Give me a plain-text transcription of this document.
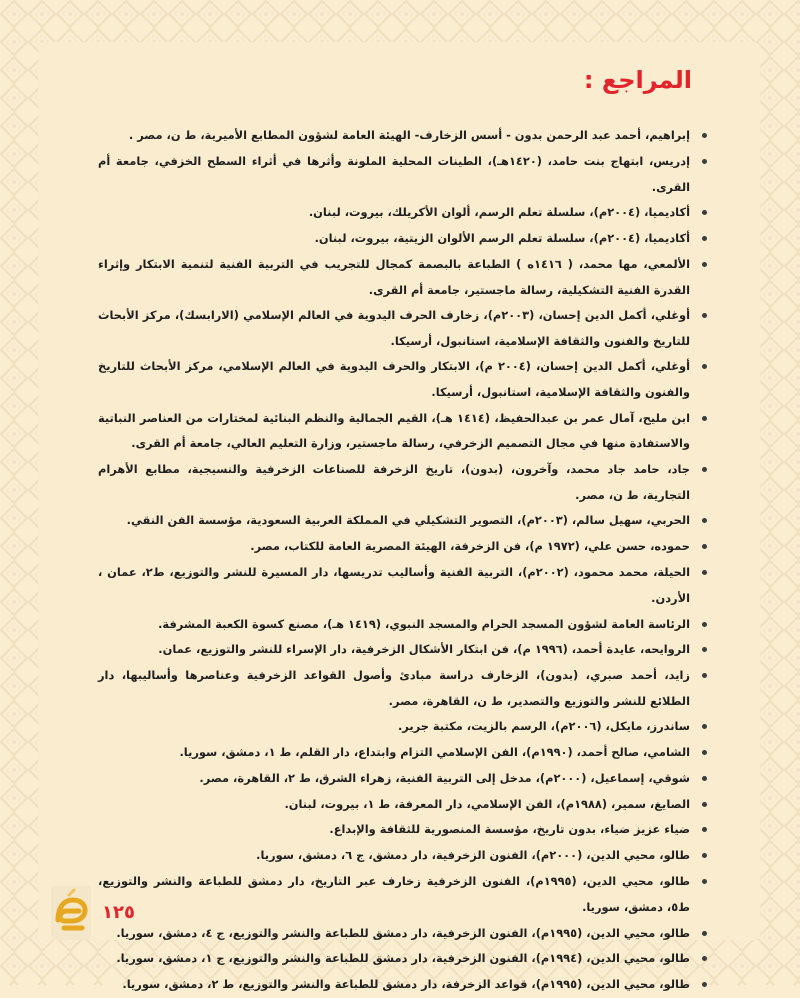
المراجع :
إبراهيم، أحمد عبد الرحمن بدون - أسس الزخارف- الهيئة العامة لشؤون المطابع الأميرية، ط ن، مصر .
إدريس، ابتهاج بنت حامد، (١٤٢٠هـ)، الطينات المحلية الملونة وأثرها في أثراء السطح الخزفي، جامعة أم القرى.
أكاديميا، (٢٠٠٤م)، سلسلة تعلم الرسم، ألوان الأكريلك، بيروت، لبنان.
أكاديميا، (٢٠٠٤م)، سلسلة تعلم الرسم الألوان الزيتية، بيروت، لبنان.
الألمعي، مها محمد، ( ١٤١٦ه ) الطباعة بالبصمة كمجال للتجريب في التربية الفنية لتنمية الابتكار وإثراء القدرة الفنية التشكيلية، رسالة ماجستير، جامعة أم القرى.
أوغلي، أكمل الدين إحسان، (٢٠٠٣م)، زخارف الحرف اليدوية في العالم الإسلامي (الارابسك)، مركز الأبحاث للتاريخ والفنون والثقافة الإسلامية، استانبول، أرسيكا.
أوغلي، أكمل الدين إحسان، (٢٠٠٤ م)، الابتكار والحرف اليدوية في العالم الإسلامي، مركز الأبحاث للتاريخ والفنون والثقافة الإسلامية، استانبول، أرسيكا.
ابن مليح، آمال عمر بن عبدالحفيظ، (١٤١٤ هـ)، القيم الجمالية والنظم البنائية لمختارات من العناصر النباتية والاستفادة منها في مجال التصميم الزخرفي، رسالة ماجستير، وزارة التعليم العالي، جامعة أم القرى.
جاد، حامد جاد محمد، وآخرون، (بدون)، تاريخ الزخرفة للصناعات الزخرفية والنسيجية، مطابع الأهرام التجارية، ط ن، مصر.
الحربي، سهيل سالم، (٢٠٠٣م)، التصوير التشكيلي في المملكة العربية السعودية، مؤسسة الفن النقي.
حموده، حسن علي، (١٩٧٢ م)، فن الزخرفة، الهيئة المصرية العامة للكتاب، مصر.
الحيلة، محمد محمود، (٢٠٠٢م)، التربية الفنية وأساليب تدريسها، دار المسيرة للنشر والتوزيع، ط٢، عمان ، الأردن.
الرئاسة العامة لشؤون المسجد الحرام والمسجد النبوي، (١٤١٩ هـ)، مصنع كسوة الكعبة المشرفة.
الروايحه، عايدة أحمد، (١٩٩٦ م)، فن ابتكار الأشكال الزخرفية، دار الإسراء للنشر والتوزيع، عمان.
زايد، أحمد صبري، (بدون)، الزخارف دراسة مبادئ وأصول القواعد الزخرفية وعناصرها وأساليبها، دار الطلائع للنشر والتوزيع والتصدير، ط ن، القاهرة، مصر.
ساندرز، مايكل، (٢٠٠٦م)، الرسم بالزيت، مكتبة جرير.
الشامي، صالح أحمد، (١٩٩٠م)، الفن الإسلامي التزام وابتداع، دار القلم، ط ١، دمشق، سوريا.
شوقي، إسماعيل، (٢٠٠٠م)، مدخل إلى التربية الفنية، زهراء الشرق، ط ٢، القاهرة، مصر.
الصايغ، سمير، (١٩٨٨م)، الفن الإسلامي، دار المعرفة، ط ١، بيروت، لبنان.
ضياء عزيز ضياء، بدون تاريخ، مؤسسة المنصورية للثقافة والإبداع.
طالو، محيي الدين، (٢٠٠٠م)، الفنون الزخرفية، دار دمشق، ج ٦، دمشق، سوريا.
طالو، محيي الدين، (١٩٩٥م)، الفنون الزخرفية زخارف عبر التاريخ، دار دمشق للطباعة والنشر والتوزيع، ط٥، دمشق، سوريا.
طالو، محيي الدين، (١٩٩٥م)، الفنون الزخرفية، دار دمشق للطباعة والنشر والتوزيع، ج ٤، دمشق، سوريا.
طالو، محيي الدين، (١٩٩٤م)، الفنون الزخرفية، دار دمشق للطباعة والنشر والتوزيع، ج ١، دمشق، سوريا.
طالو، محيي الدين، (١٩٩٥م)، قواعد الزخرفة، دار دمشق للطباعة والنشر والتوزيع، ط ٢، دمشق، سوريا.

١٢٥
